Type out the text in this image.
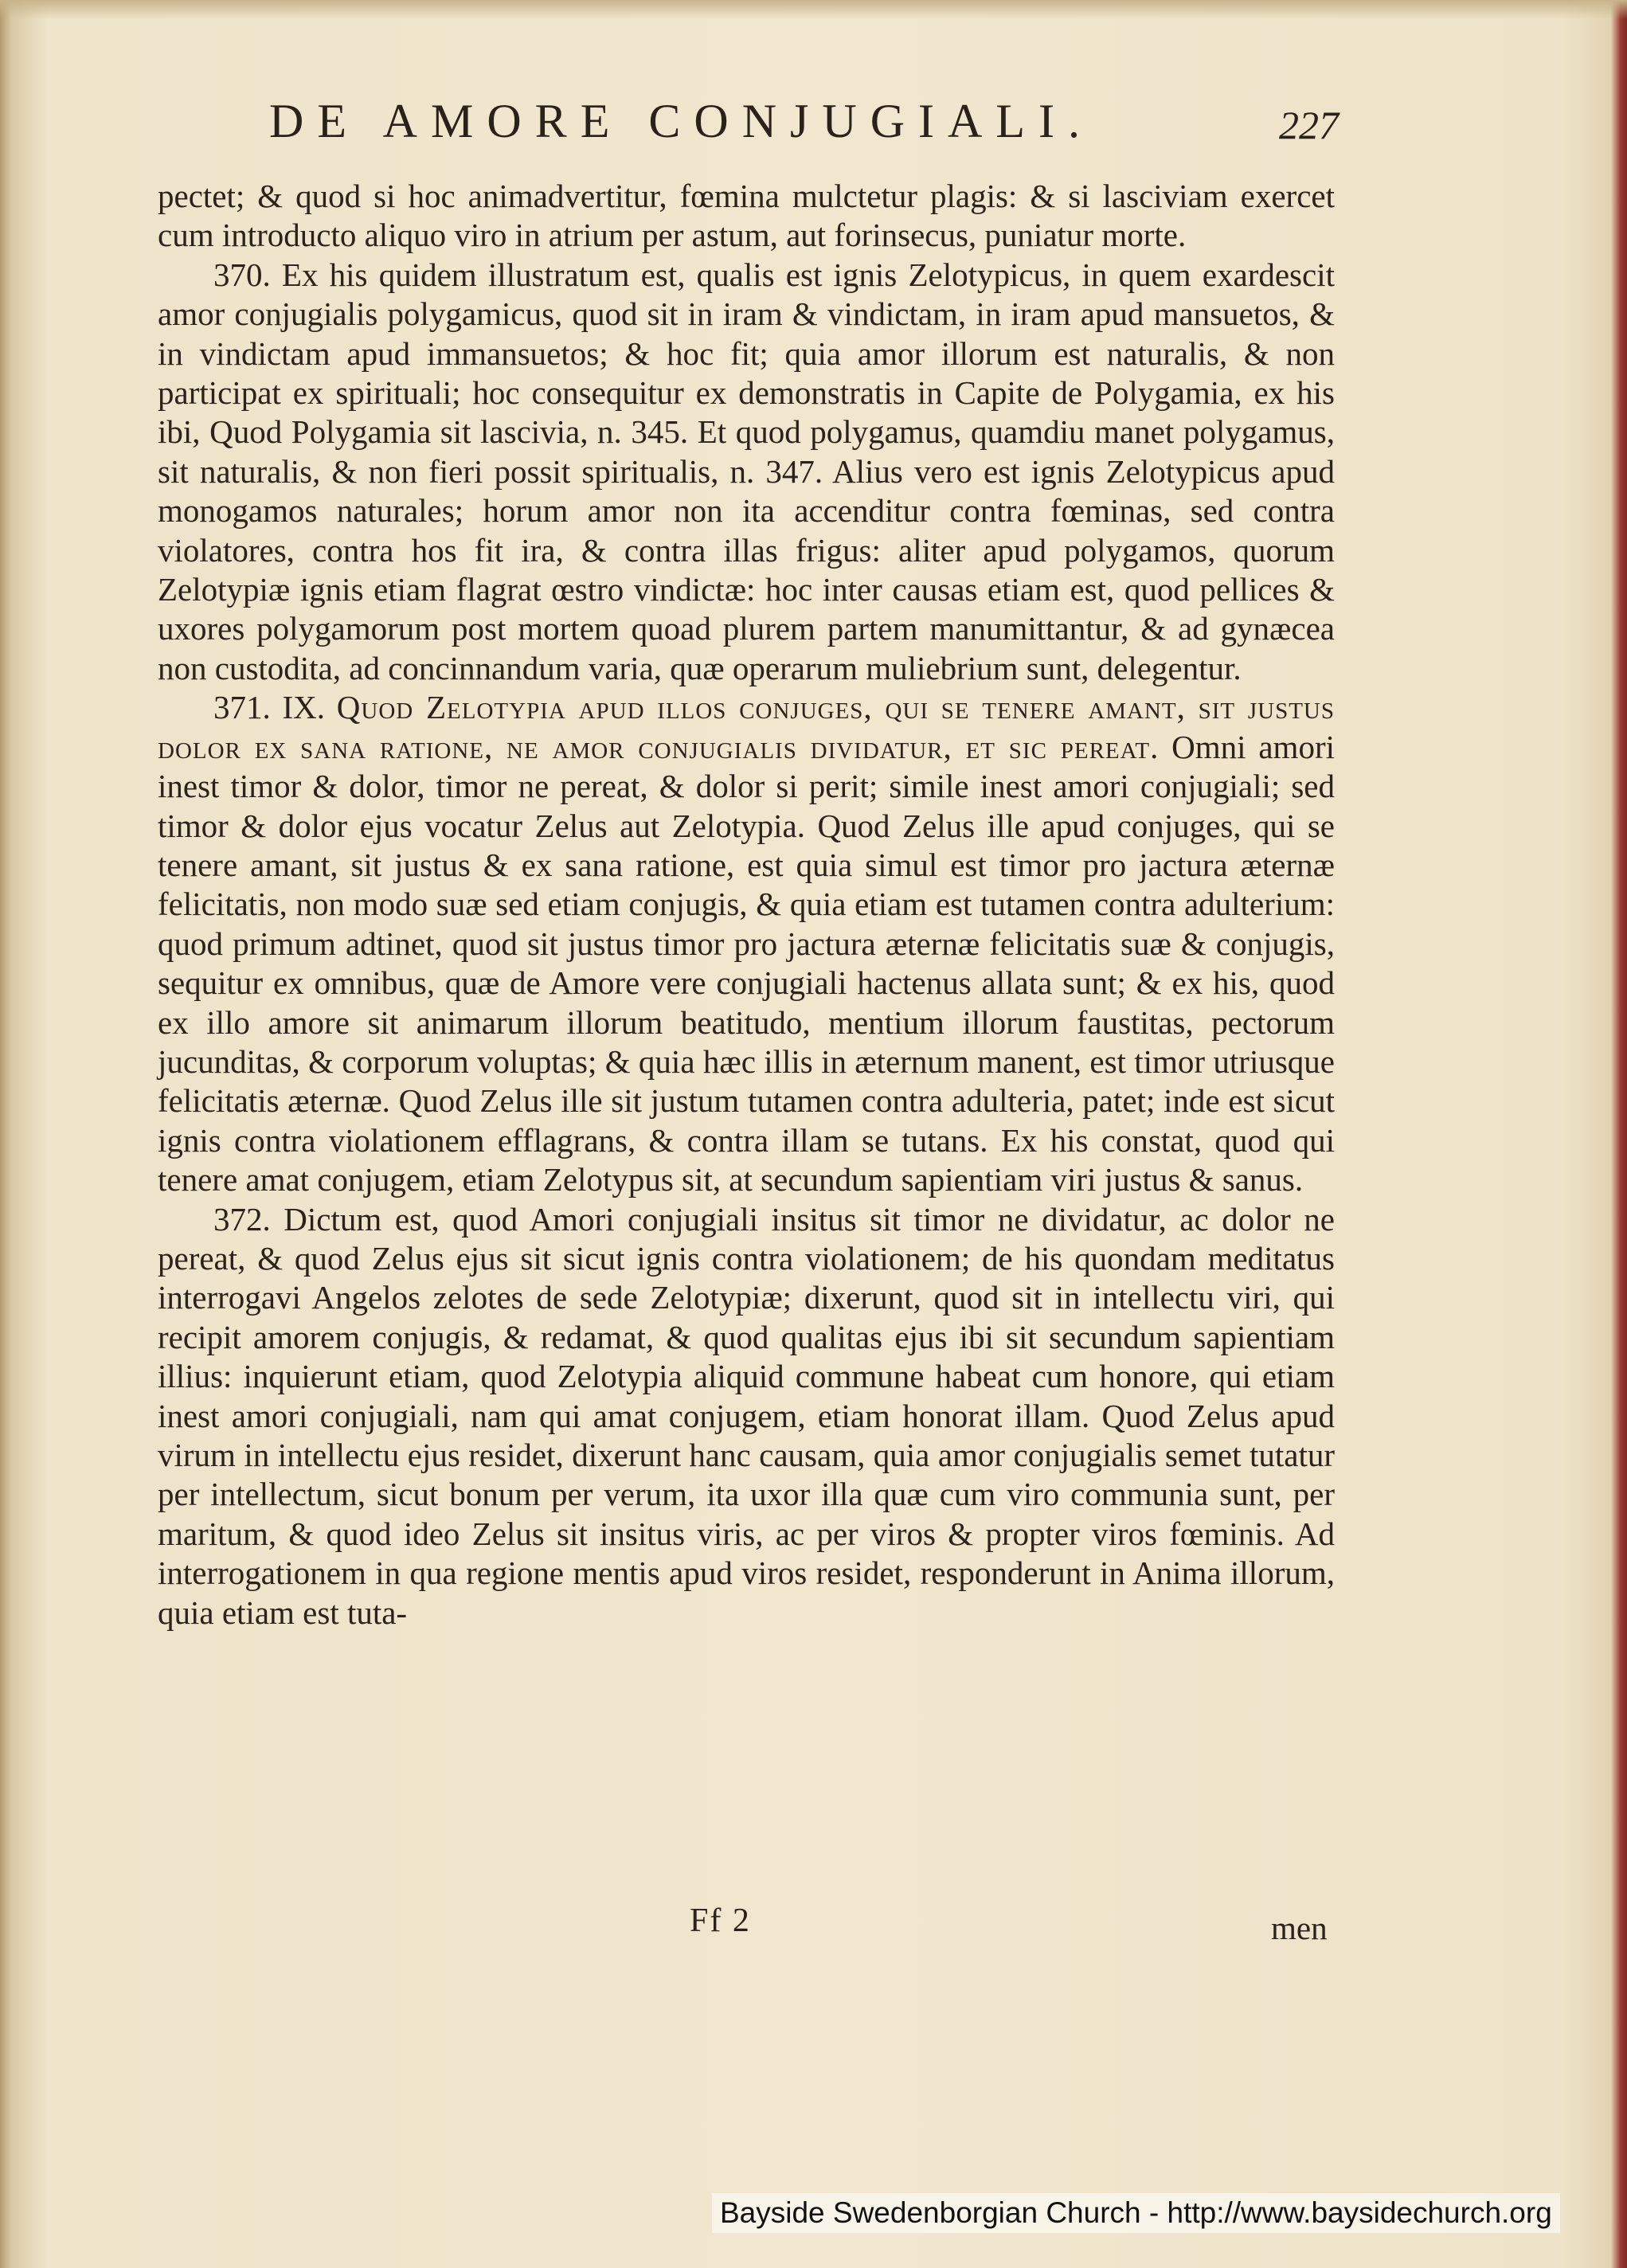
DE AMORE CONJUGIALI.	227

pectet; & quod si hoc animadvertitur, fœmina mulctetur plagis: & si lasciviam exercet cum introducto aliquo viro in atrium per astum, aut forinsecus, puniatur morte.

370. Ex his quidem illustratum est, qualis est ignis Zelotypicus, in quem exardescit amor conjugialis polygamicus, quod sit in iram & vindictam, in iram apud mansuetos, & in vindictam apud immansuetos; & hoc fit; quia amor illorum est naturalis, & non participat ex spirituali; hoc consequitur ex demonstratis in Capite de Polygamia, ex his ibi, Quod Polygamia sit lascivia, n. 345. Et quod polygamus, quamdiu manet polygamus, sit naturalis, & non fieri possit spiritualis, n. 347. Alius vero est ignis Zelotypicus apud monogamos naturales; horum amor non ita accenditur contra fœminas, sed contra violatores, contra hos fit ira, & contra illas frigus: aliter apud polygamos, quorum Zelotypiæ ignis etiam flagrat œstro vindictæ: hoc inter causas etiam est, quod pellices & uxores polygamorum post mortem quoad plurem partem manumittantur, & ad gynæcea non custodita, ad concinnandum varia, quæ operarum muliebrium sunt, delegentur.

371. IX. Quod Zelotypia apud illos conjuges, qui se tenere amant, sit justus dolor ex sana ratione, ne amor conjugialis dividatur, et sic pereat. Omni amori inest timor & dolor, timor ne pereat, & dolor si perit; simile inest amori conjugiali; sed timor & dolor ejus vocatur Zelus aut Zelotypia. Quod Zelus ille apud conjuges, qui se tenere amant, sit justus & ex sana ratione, est quia simul est timor pro jactura æternæ felicitatis, non modo suæ sed etiam conjugis, & quia etiam est tutamen contra adulterium: quod primum adtinet, quod sit justus timor pro jactura æternæ felicitatis suæ & conjugis, sequitur ex omnibus, quæ de Amore vere conjugiali hactenus allata sunt; & ex his, quod ex illo amore sit animarum illorum beatitudo, mentium illorum faustitas, pectorum jucunditas, & corporum voluptas; & quia hæc illis in æternum manent, est timor utriusque felicitatis æternæ. Quod Zelus ille sit justum tutamen contra adulteria, patet; inde est sicut ignis contra violationem efflagrans, & contra illam se tutans. Ex his constat, quod qui tenere amat conjugem, etiam Zelotypus sit, at secundum sapientiam viri justus & sanus.

372. Dictum est, quod Amori conjugiali insitus sit timor ne dividatur, ac dolor ne pereat, & quod Zelus ejus sit sicut ignis contra violationem; de his quondam meditatus interrogavi Angelos zelotes de sede Zelotypiæ; dixerunt, quod sit in intellectu viri, qui recipit amorem conjugis, & redamat, & quod qualitas ejus ibi sit secundum sapientiam illius: inquierunt etiam, quod Zelotypia aliquid commune habeat cum honore, qui etiam inest amori conjugiali, nam qui amat conjugem, etiam honorat illam. Quod Zelus apud virum in intellectu ejus residet, dixerunt hanc causam, quia amor conjugialis semet tutatur per intellectum, sicut bonum per verum, ita uxor illa quæ cum viro communia sunt, per maritum, & quod ideo Zelus sit insitus viris, ac per viros & propter viros fœminis. Ad interrogationem in qua regione mentis apud viros residet, responderunt in Anima illorum, quia etiam est tuta-

Ff 2	men
Bayside Swedenborgian Church - http://www.baysidechurch.org
